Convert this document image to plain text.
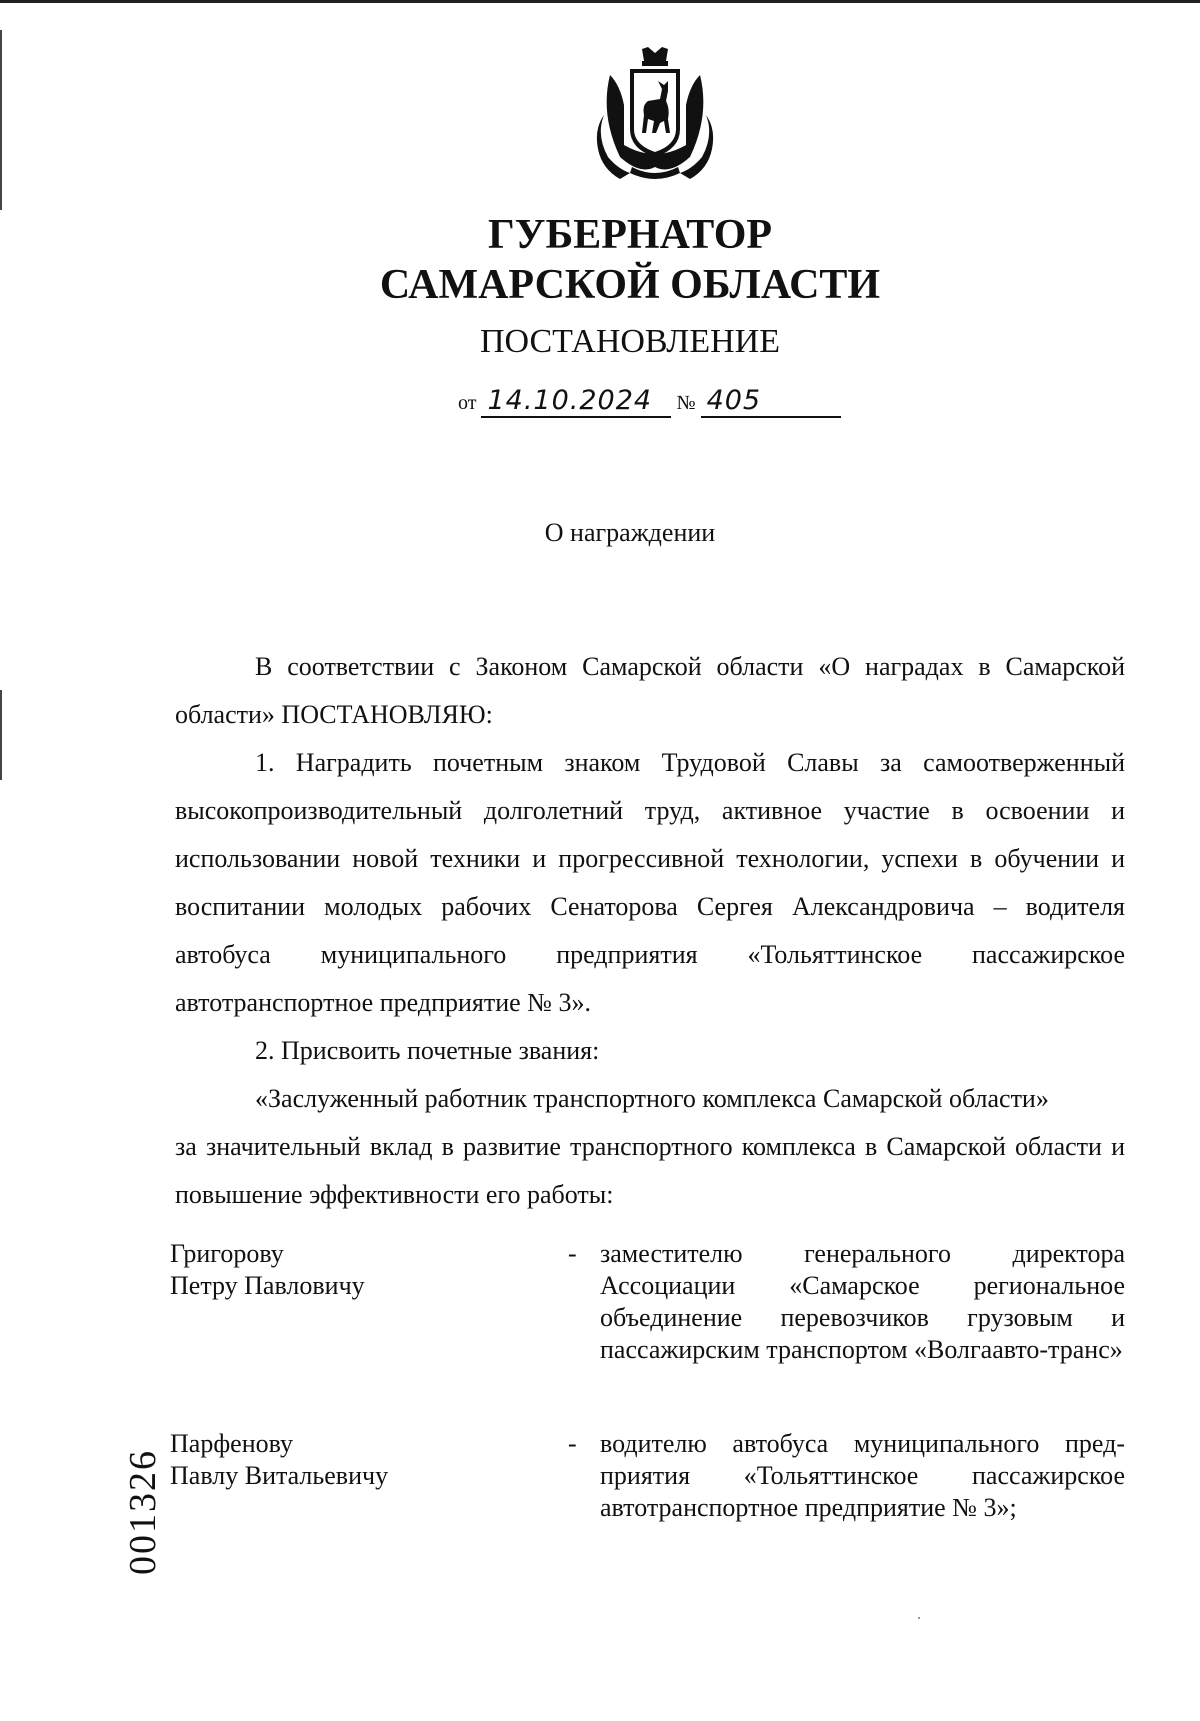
ГУБЕРНАТОР
САМАРСКОЙ ОБЛАСТИ
ПОСТАНОВЛЕНИЕ
от 14.10.2024 № 405
О награждении

В соответствии с Законом Самарской области «О наградах в Самарской области» ПОСТАНОВЛЯЮ:

1. Наградить почетным знаком Трудовой Славы за самоотверженный высокопроизводительный долголетний труд, активное участие в освоении и использовании новой техники и прогрессивной технологии, успехи в обучении и воспитании молодых рабочих Сенаторова Сергея Александровича – водителя автобуса муниципального предприятия «Тольяттинское пассажирское автотранспортное предприятие № 3».

2. Присвоить почетные звания:

«Заслуженный работник транспортного комплекса Самарской области»

за значительный вклад в развитие транспортного комплекса в Самарской области и повышение эффективности его работы:

Григорову
Петру Павловичу
- заместителю генерального директора Ассоциации «Самарское региональное объединение перевозчиков грузовым и пассажирским транспортом «Волгаавто-транс»
Парфенову
Павлу Витальевичу
- водителю автобуса муниципального пред-приятия «Тольяттинское пассажирское автотранспортное предприятие № 3»;
001326
